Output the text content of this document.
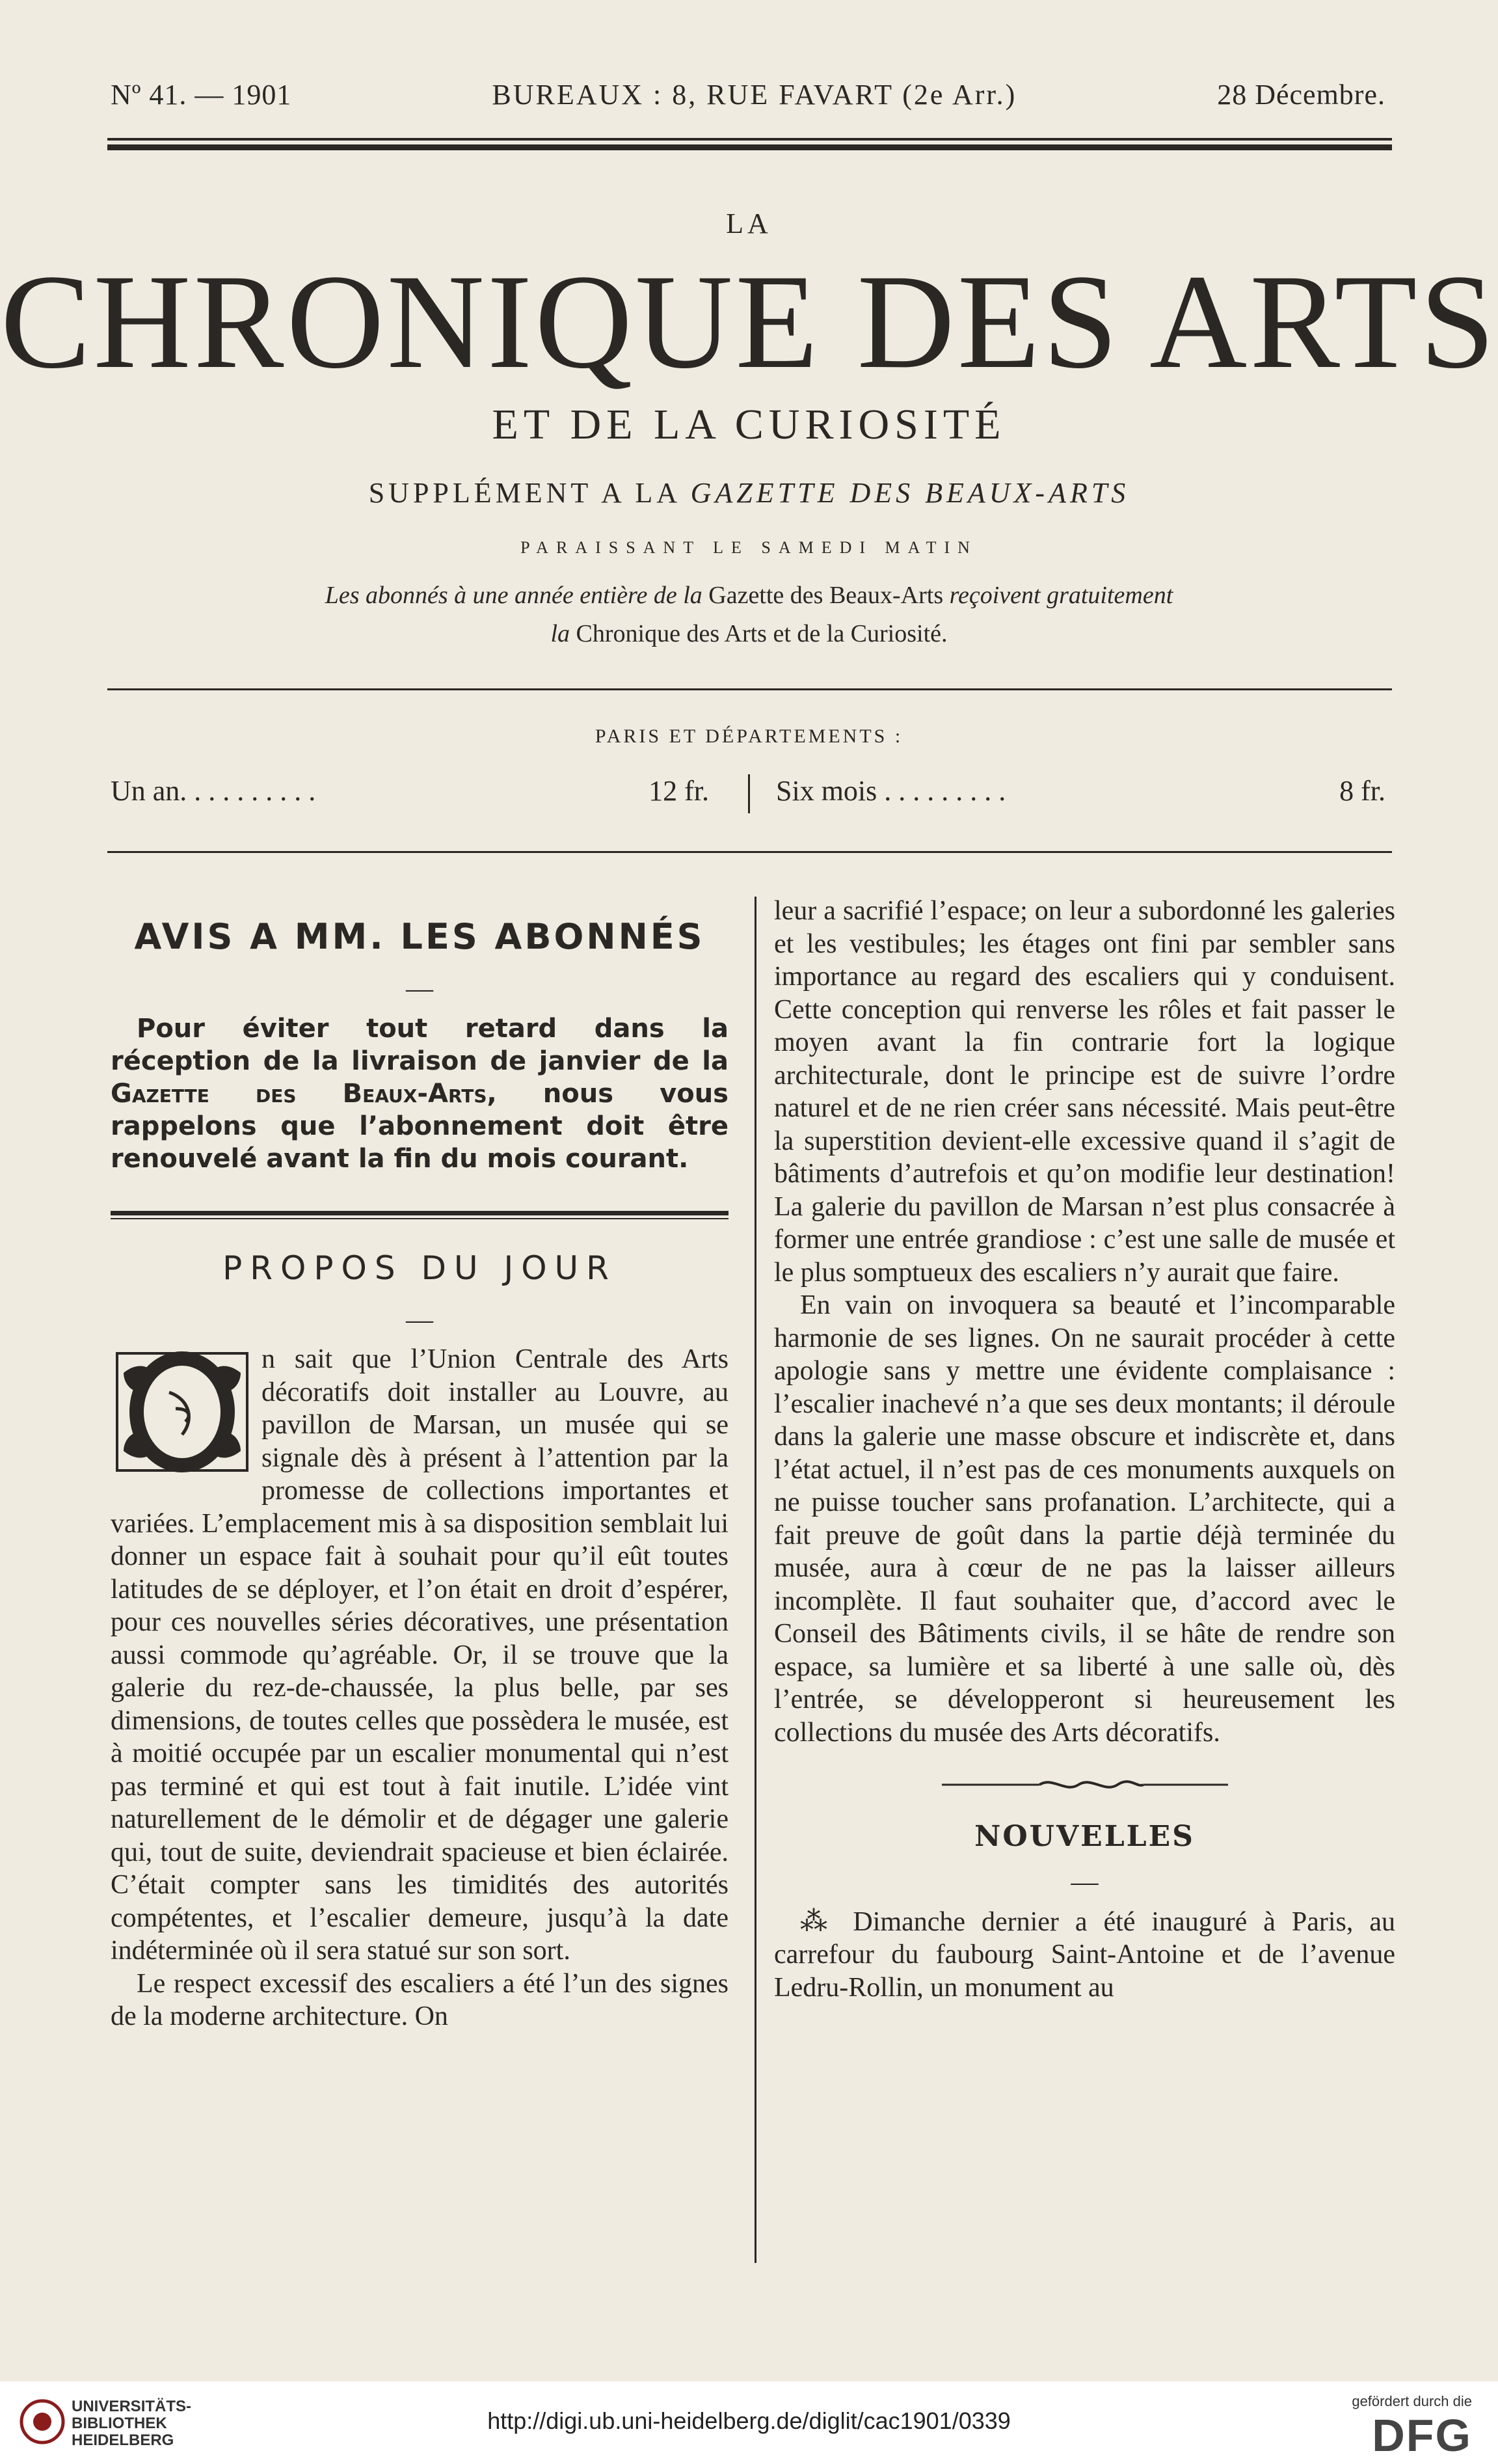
Nº 41. — 1901	BUREAUX : 8, RUE FAVART (2e Arr.)	28 Décembre.
LA
CHRONIQUE DES ARTS
ET DE LA CURIOSITÉ
SUPPLÉMENT A LA GAZETTE DES BEAUX-ARTS
PARAISSANT LE SAMEDI MATIN
Les abonnés à une année entière de la Gazette des Beaux-Arts reçoivent gratuitement
la Chronique des Arts et de la Curiosité.
PARIS ET DÉPARTEMENTS :
Un an. . . . . . . . . .	12 fr.	Six mois . . . . . . . . .	8 fr.
AVIS A MM. LES ABONNÉS
—

Pour éviter tout retard dans la réception de la livraison de janvier de la Gazette des Beaux-Arts, nous vous rappelons que l’abonnement doit être renouvelé avant la fin du mois courant.

PROPOS DU JOUR
—

n sait que l’Union Centrale des Arts décoratifs doit installer au Louvre, au pavillon de Marsan, un musée qui se signale dès à présent à l’attention par la promesse de collections importantes et variées. L’emplacement mis à sa disposition semblait lui donner un espace fait à souhait pour qu’il eût toutes latitudes de se déployer, et l’on était en droit d’espérer, pour ces nouvelles séries décoratives, une présentation aussi commode qu’agréable. Or, il se trouve que la galerie du rez-de-chaussée, la plus belle, par ses dimensions, de toutes celles que possèdera le musée, est à moitié occupée par un escalier monumental qui n’est pas terminé et qui est tout à fait inutile. L’idée vint naturellement de le démolir et de dégager une galerie qui, tout de suite, deviendrait spacieuse et bien éclairée. C’était compter sans les timidités des autorités compétentes, et l’escalier demeure, jusqu’à la date indéterminée où il sera statué sur son sort.

Le respect excessif des escaliers a été l’un des signes de la moderne architecture. On

leur a sacrifié l’espace; on leur a subordonné les galeries et les vestibules; les étages ont fini par sembler sans importance au regard des escaliers qui y conduisent. Cette conception qui renverse les rôles et fait passer le moyen avant la fin contrarie fort la logique architecturale, dont le principe est de suivre l’ordre naturel et de ne rien créer sans nécessité. Mais peut-être la superstition devient-elle excessive quand il s’agit de bâtiments d’autrefois et qu’on modifie leur destination! La galerie du pavillon de Marsan n’est plus consacrée à former une entrée grandiose : c’est une salle de musée et le plus somptueux des escaliers n’y aurait que faire.

En vain on invoquera sa beauté et l’incomparable harmonie de ses lignes. On ne saurait procéder à cette apologie sans y mettre une évidente complaisance : l’escalier inachevé n’a que ses deux montants; il déroule dans la galerie une masse obscure et indiscrète et, dans l’état actuel, il n’est pas de ces monuments auxquels on ne puisse toucher sans profanation. L’architecte, qui a fait preuve de goût dans la partie déjà terminée du musée, aura à cœur de ne pas la laisser ailleurs incomplète. Il faut souhaiter que, d’accord avec le Conseil des Bâtiments civils, il se hâte de rendre son espace, sa lumière et sa liberté à une salle où, dès l’entrée, se développeront si heureusement les collections du musée des Arts décoratifs.

NOUVELLES
—

⁂ Dimanche dernier a été inauguré à Paris, au carrefour du faubourg Saint-Antoine et de l’avenue Ledru-Rollin, un monument au

UNIVERSITÄTS-
BIBLIOTHEK
HEIDELBERG
http://digi.ub.uni-heidelberg.de/diglit/cac1901/0339
gefördert durch die
DFG
